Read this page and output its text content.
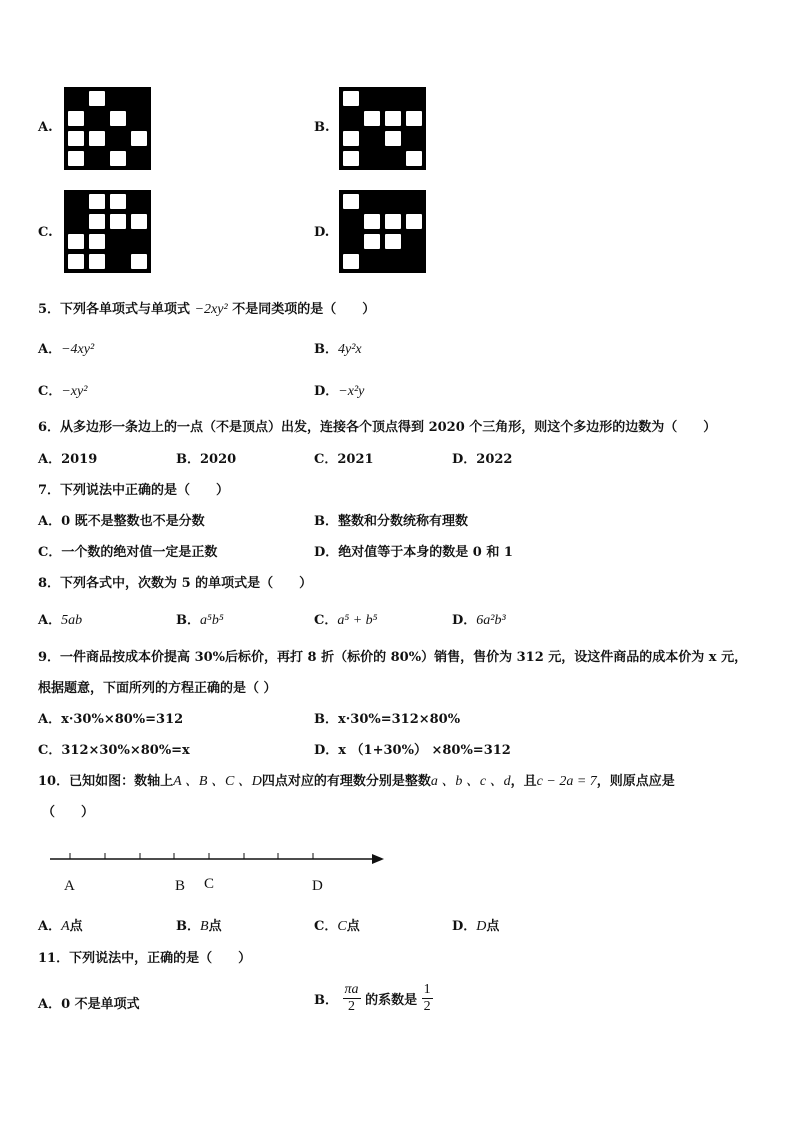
A.	B.
C.	D.
5．下列各单项式与单项式 −2xy² 不是同类项的是（　　）
A．−4xy²	B．4y²x
C．−xy²	D．−x²y
6．从多边形一条边上的一点（不是顶点）出发，连接各个顶点得到 2020 个三角形，则这个多边形的边数为（　　）
A．2019	B．2020	C．2021	D．2022
7．下列说法中正确的是（　　）
A．0 既不是整数也不是分数	B．整数和分数统称有理数
C．一个数的绝对值一定是正数	D．绝对值等于本身的数是 0 和 1
8．下列各式中，次数为 5 的单项式是（　　）
A．5ab	B．a⁵b⁵	C．a⁵ + b⁵	D．6a²b³
9．一件商品按成本价提高 30%后标价，再打 8 折（标价的 80%）销售，售价为 312 元，设这件商品的成本价为 x 元，
根据题意，下面所列的方程正确的是（ ）
A．x·30%×80%=312	B．x·30%=312×80%
C．312×30%×80%=x	D．x （1+30%） ×80%=312
10．已知如图：数轴上A 、B 、C 、D四点对应的有理数分别是整数a 、b 、c 、d，且c − 2a = 7，则原点应是
（　　）
A	B C	D
A．A点	B．B点	C．C点	D．D点
11．下列说法中，正确的是（　　）
A．0 不是单项式	B． $\frac{\pi a}{2}$ 的系数是 $\frac{1}{2}$
